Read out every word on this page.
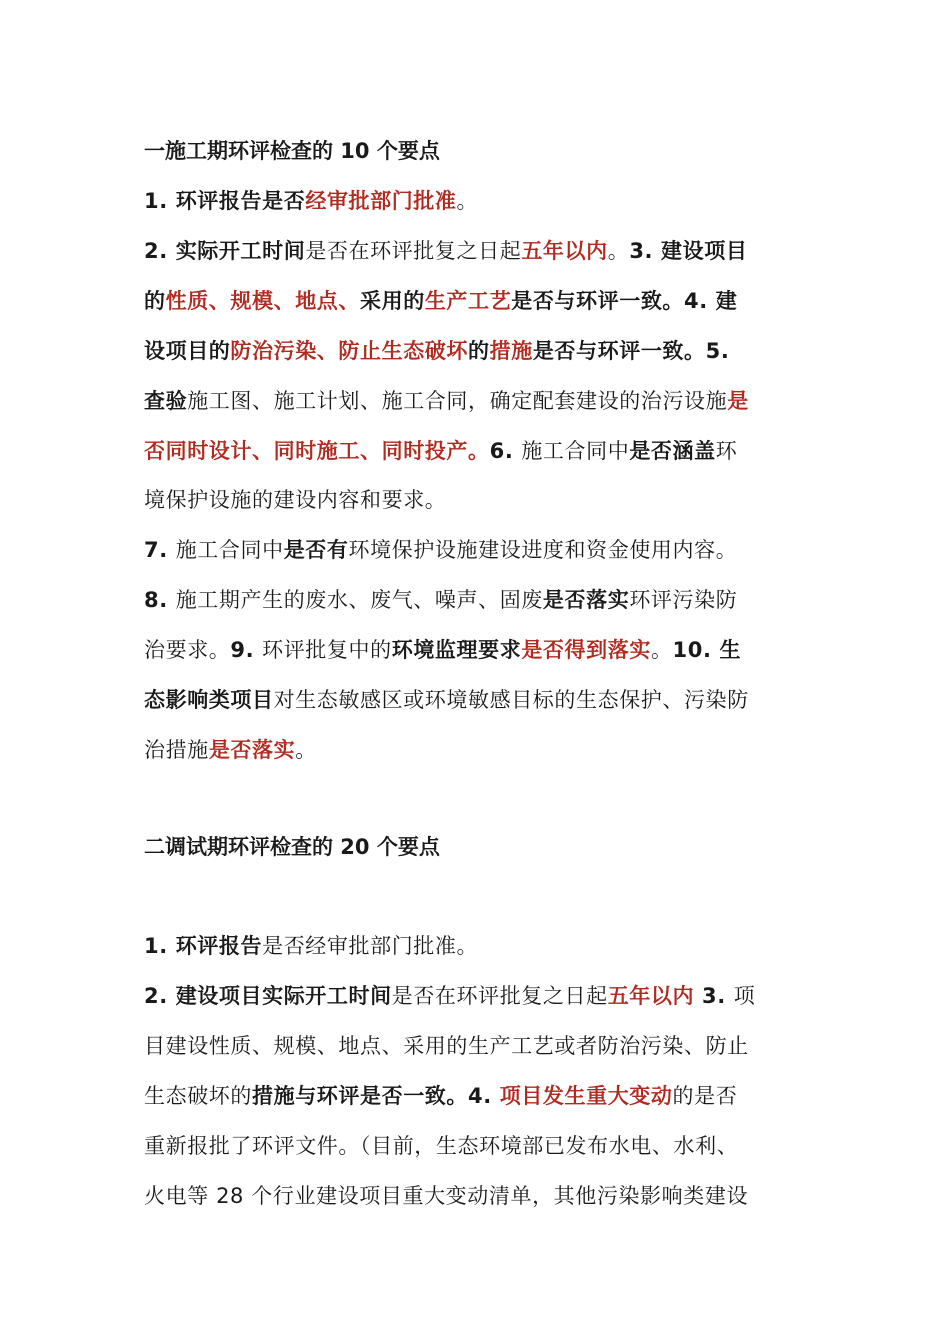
一施工期环评检查的 10 个要点
1. 环评报告是否经审批部门批准。
2. 实际开工时间是否在环评批复之日起五年以内。3. 建设项目
的性质、规模、地点、采用的生产工艺是否与环评一致。4. 建
设项目的防治污染、防止生态破坏的措施是否与环评一致。5.
查验施工图、施工计划、施工合同，确定配套建设的治污设施是
否同时设计、同时施工、同时投产。6. 施工合同中是否涵盖环
境保护设施的建设内容和要求。
7. 施工合同中是否有环境保护设施建设进度和资金使用内容。
8. 施工期产生的废水、废气、噪声、固废是否落实环评污染防
治要求。9. 环评批复中的环境监理要求是否得到落实。10. 生
态影响类项目对生态敏感区或环境敏感目标的生态保护、污染防
治措施是否落实。
二调试期环评检查的 20 个要点
1. 环评报告是否经审批部门批准。
2. 建设项目实际开工时间是否在环评批复之日起五年以内 3. 项
目建设性质、规模、地点、采用的生产工艺或者防治污染、防止
生态破坏的措施与环评是否一致。4. 项目发生重大变动的是否
重新报批了环评文件。（目前，生态环境部已发布水电、水利、
火电等 28 个行业建设项目重大变动清单，其他污染影响类建设
